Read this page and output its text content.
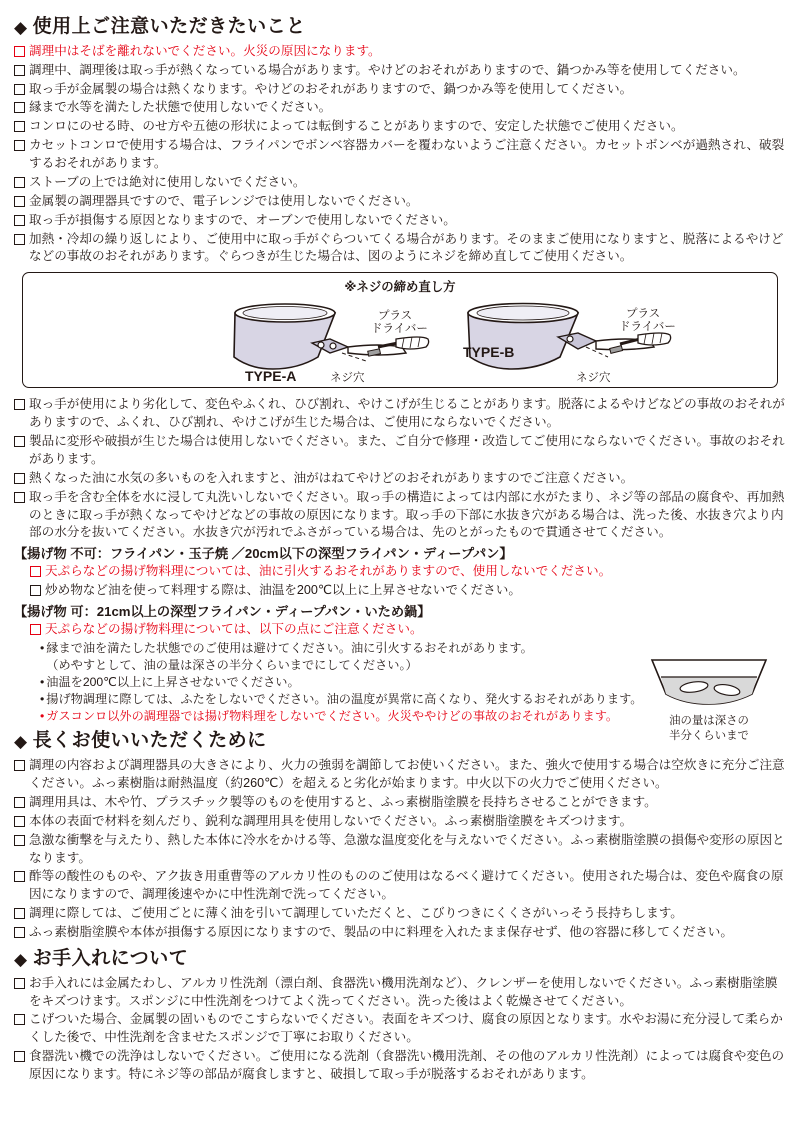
◆ 使用上ご注意いただきたいこと
調理中はそばを離れないでください。火災の原因になります。
調理中、調理後は取っ手が熱くなっている場合があります。やけどのおそれがありますので、鍋つかみ等を使用してください。
取っ手が金属製の場合は熱くなります。やけどのおそれがありますので、鍋つかみ等を使用してください。
縁まで水等を満たした状態で使用しないでください。
コンロにのせる時、のせ方や五徳の形状によっては転倒することがありますので、安定した状態でご使用ください。
カセットコンロで使用する場合は、フライパンでボンベ容器カバーを覆わないようご注意ください。カセットボンベが過熱され、破裂するおそれがあります。
ストーブの上では絶対に使用しないでください。
金属製の調理器具ですので、電子レンジでは使用しないでください。
取っ手が損傷する原因となりますので、オーブンで使用しないでください。
加熱・冷却の繰り返しにより、ご使用中に取っ手がぐらついてくる場合があります。そのままご使用になりますと、脱落によるやけどなどの事故のおそれがあります。ぐらつきが生じた場合は、図のようにネジを締め直してご使用ください。
※ネジの締め直し方
TYPE-A	ネジ穴
プラス
ドライバー
TYPE-B
ネジ穴
プラス
ドライバー
取っ手が使用により劣化して、変色やふくれ、ひび割れ、やけこげが生じることがあります。脱落によるやけどなどの事故のおそれがありますので、ふくれ、ひび割れ、やけこげが生じた場合は、ご使用にならないでください。
製品に変形や破損が生じた場合は使用しないでください。また、ご自分で修理・改造してご使用にならないでください。事故のおそれがあります。
熱くなった油に水気の多いものを入れますと、油がはねてやけどのおそれがありますのでご注意ください。
取っ手を含む全体を水に浸して丸洗いしないでください。取っ手の構造によっては内部に水がたまり、ネジ等の部品の腐食や、再加熱のときに取っ手が熱くなってやけどなどの事故の原因になります。取っ手の下部に水抜き穴がある場合は、洗った後、水抜き穴より内部の水分を抜いてください。水抜き穴が汚れでふさがっている場合は、先のとがったもので貫通させてください。
【揚げ物 不可：フライパン・玉子焼 ／20cm以下の深型フライパン・ディープパン】
天ぷらなどの揚げ物料理については、油に引火するおそれがありますので、使用しないでください。
炒め物など油を使って料理する際は、油温を200℃以上に上昇させないでください。
【揚げ物 可：21cm以上の深型フライパン・ディープパン・いため鍋】
油の量は深さの
半分くらいまで
天ぷらなどの揚げ物料理については、以下の点にご注意ください。
• 縁まで油を満たした状態でのご使用は避けてください。油に引火するおそれがあります。
（めやすとして、油の量は深さの半分くらいまでにしてください。）
• 油温を200℃以上に上昇させないでください。
• 揚げ物調理に際しては、ふたをしないでください。油の温度が異常に高くなり、発火するおそれがあります。
• ガスコンロ以外の調理器では揚げ物料理をしないでください。火災ややけどの事故のおそれがあります。
◆ 長くお使いいただくために
調理の内容および調理器具の大きさにより、火力の強弱を調節してお使いください。また、強火で使用する場合は空炊きに充分ご注意ください。ふっ素樹脂は耐熱温度（約260℃）を超えると劣化が始まります。中火以下の火力でご使用ください。
調理用具は、木や竹、プラスチック製等のものを使用すると、ふっ素樹脂塗膜を長持ちさせることができます。
本体の表面で材料を刻んだり、鋭利な調理用具を使用しないでください。ふっ素樹脂塗膜をキズつけます。
急激な衝撃を与えたり、熱した本体に冷水をかける等、急激な温度変化を与えないでください。ふっ素樹脂塗膜の損傷や変形の原因となります。
酢等の酸性のものや、アク抜き用重曹等のアルカリ性のもののご使用はなるべく避けてください。使用された場合は、変色や腐食の原因になりますので、調理後速やかに中性洗剤で洗ってください。
調理に際しては、ご使用ごとに薄く油を引いて調理していただくと、こびりつきにくくさがいっそう長持ちします。
ふっ素樹脂塗膜や本体が損傷する原因になりますので、製品の中に料理を入れたまま保存せず、他の容器に移してください。
◆ お手入れについて
お手入れには金属たわし、アルカリ性洗剤（漂白剤、食器洗い機用洗剤など）、クレンザーを使用しないでください。ふっ素樹脂塗膜をキズつけます。スポンジに中性洗剤をつけてよく洗ってください。洗った後はよく乾燥させてください。
こげついた場合、金属製の固いものでこすらないでください。表面をキズつけ、腐食の原因となります。水やお湯に充分浸して柔らかくした後で、中性洗剤を含ませたスポンジで丁寧にお取りください。
食器洗い機での洗浄はしないでください。ご使用になる洗剤（食器洗い機用洗剤、その他のアルカリ性洗剤）によっては腐食や変色の原因になります。特にネジ等の部品が腐食しますと、破損して取っ手が脱落するおそれがあります。
